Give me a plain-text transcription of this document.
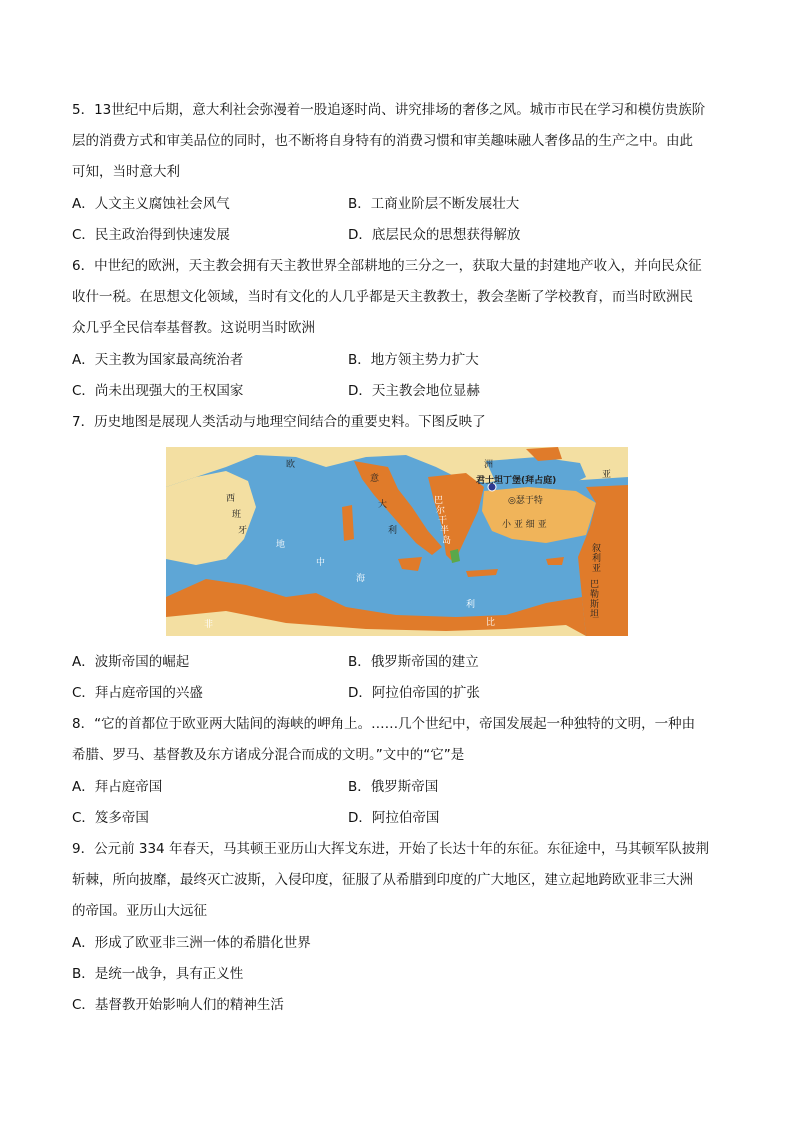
5．13世纪中后期，意大利社会弥漫着一股追逐时尚、讲究排场的奢侈之风。城市市民在学习和模仿贵族阶
层的消费方式和审美品位的同时，也不断将自身特有的消费习惯和审美趣味融人奢侈品的生产之中。由此
可知，当时意大利
A．人文主义腐蚀社会风气	B．工商业阶层不断发展壮大
C．民主政治得到快速发展	D．底层民众的思想获得解放
6．中世纪的欧洲，天主教会拥有天主教世界全部耕地的三分之一，获取大量的封建地产收入，并向民众征
收什一税。在思想文化领域，当时有文化的人几乎都是天主教教士，教会垄断了学校教育，而当时欧洲民
众几乎全民信奉基督教。这说明当时欧洲
A．天主教为国家最高统治者	B．地方领主势力扩大
C．尚未出现强大的王权国家	D．天主教会地位显赫
7．历史地图是展现人类活动与地理空间结合的重要史料。下图反映了
欧	洲
亚
非
西
班
牙
意
大
利
巴
尔
干
半
岛
君士坦丁堡(拜占庭)
◎瑟于特
小 亚 细 亚
叙
利
亚
巴
勒
斯
坦
地
中
海
利
比
A．波斯帝国的崛起	B．俄罗斯帝国的建立
C．拜占庭帝国的兴盛	D．阿拉伯帝国的扩张
8．“它的首都位于欧亚两大陆间的海峡的岬角上。……几个世纪中，帝国发展起一种独特的文明，一种由
希腊、罗马、基督教及东方诸成分混合而成的文明。”文中的“它”是
A．拜占庭帝国	B．俄罗斯帝国
C．笈多帝国	D．阿拉伯帝国
9．公元前 334 年春天，马其顿王亚历山大挥戈东进，开始了长达十年的东征。东征途中，马其顿军队披荆
斩棘，所向披靡，最终灭亡波斯，入侵印度，征服了从希腊到印度的广大地区，建立起地跨欧亚非三大洲
的帝国。亚历山大远征
A．形成了欧亚非三洲一体的希腊化世界
B．是统一战争，具有正义性
C．基督教开始影响人们的精神生活
